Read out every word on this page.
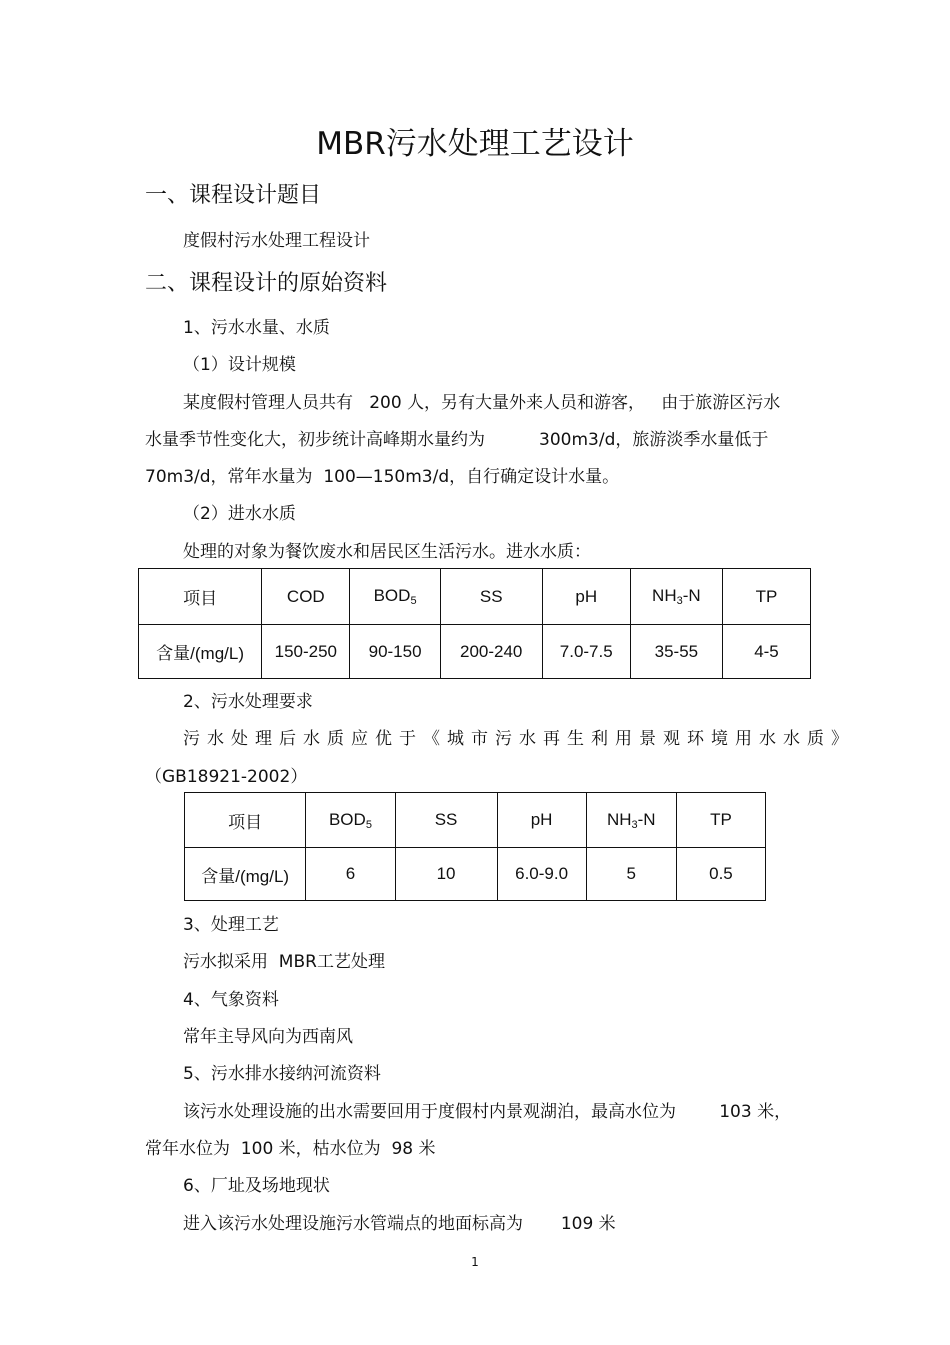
MBR污水处理工艺设计
一、课程设计题目
度假村污水处理工程设计
二、课程设计的原始资料
1、污水水量、水质
（1）设计规模
某度假村管理人员共有   200 人，另有大量外来人员和游客，   由于旅游区污水
水量季节性变化大，初步统计高峰期水量约为          300m3/d，旅游淡季水量低于
70m3/d，常年水量为  100—150m3/d，自行确定设计水量。
（2）进水水质
处理的对象为餐饮废水和居民区生活污水。进水水质：
项目	COD	$BOD_5$	SS	pH	$NH_3-N$	TP
含量/(mg/L)	150-250	90-150	200-240	7.0-7.5	35-55	4-5
2、污水处理要求
污水处理后水质应优于《城市污水再生利用景观环境用水水质》
（GB18921-2002）
项目	$BOD_5$	SS	pH	$NH_3-N$	TP
含量/(mg/L)	6	10	6.0-9.0	5	0.5
3、处理工艺
污水拟采用  MBR工艺处理
4、气象资料
常年主导风向为西南风
5、污水排水接纳河流资料
该污水处理设施的出水需要回用于度假村内景观湖泊，最高水位为        103 米，
常年水位为  100 米，枯水位为  98 米
6、厂址及场地现状
进入该污水处理设施污水管端点的地面标高为       109 米
1
